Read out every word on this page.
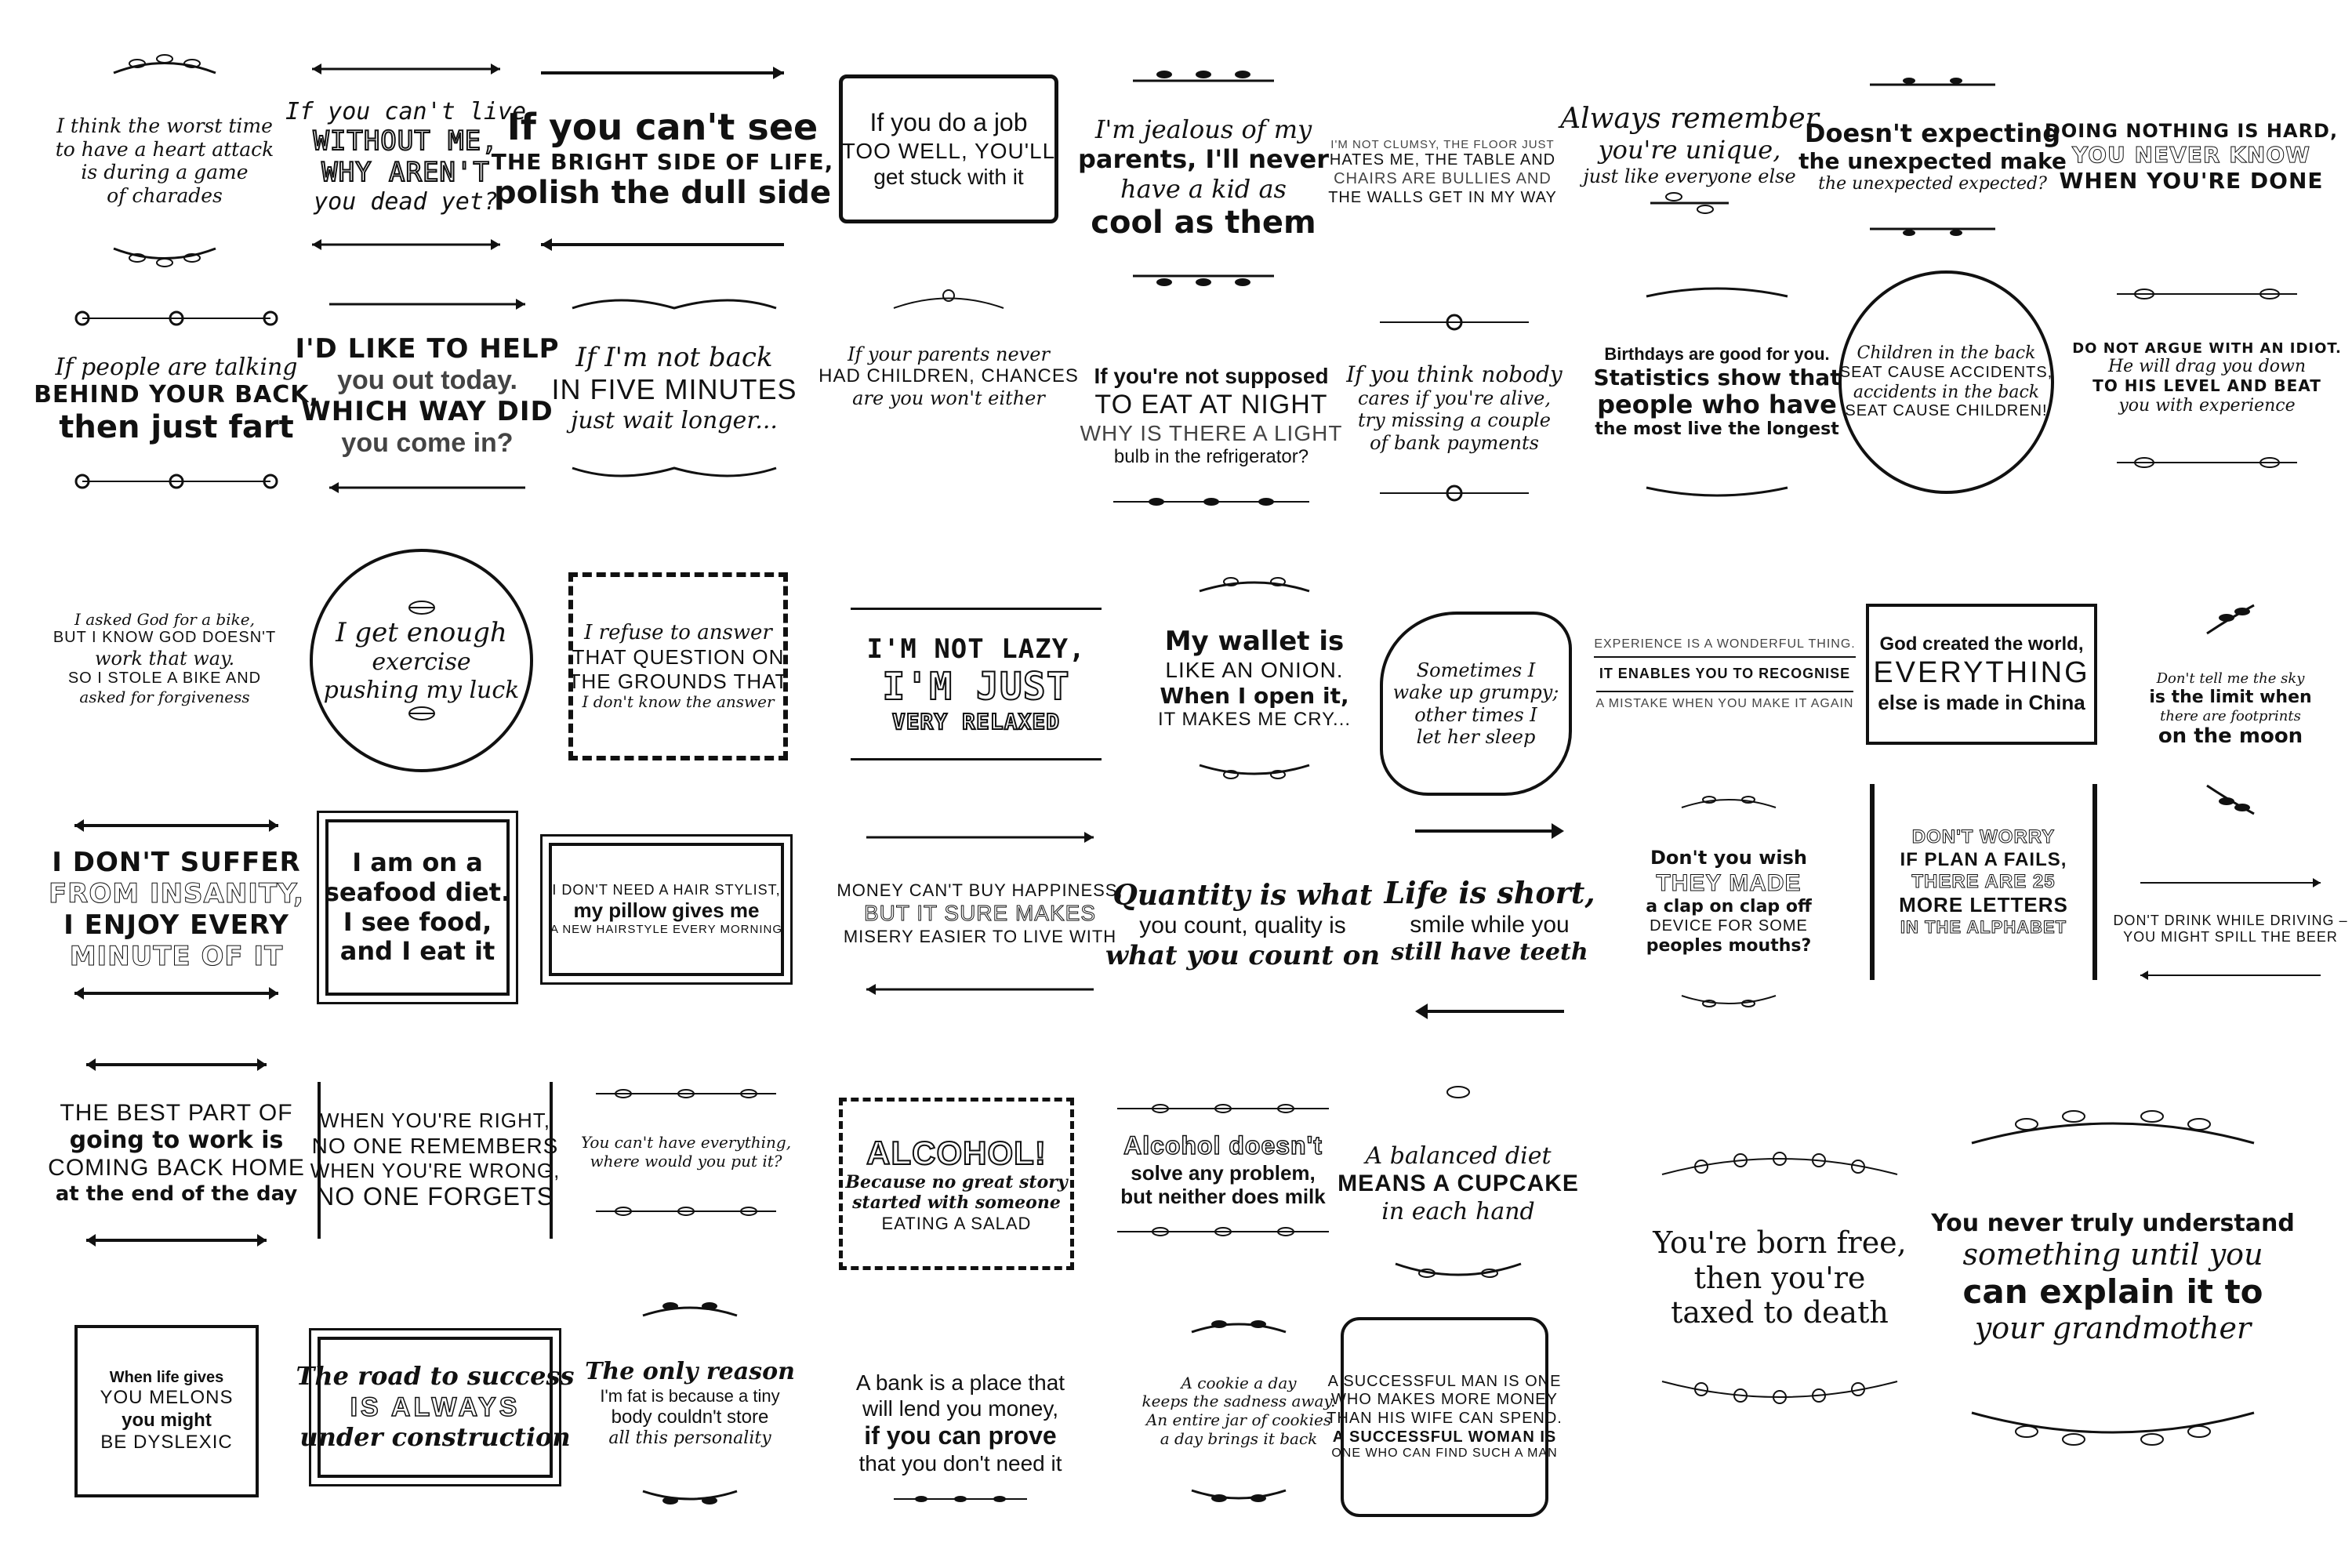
I think the worst time
to have a heart attack
is during a game
of charades
If you can't live
WITHOUT ME,
WHY AREN'T
you dead yet?
If you can't see
THE BRIGHT SIDE OF LIFE,
polish the dull side
If you do a job
TOO WELL, YOU'LL
get stuck with it
I'm jealous of my
parents, I'll never
have a kid as
cool as them
I'M NOT CLUMSY, THE FLOOR JUST
HATES ME, THE TABLE AND
CHAIRS ARE BULLIES AND
THE WALLS GET IN MY WAY
Always remember
you're unique,
just like everyone else
Doesn't expecting
the unexpected make
the unexpected expected?
DOING NOTHING IS HARD,
YOU NEVER KNOW
WHEN YOU'RE DONE
If people are talking
BEHIND YOUR BACK,
then just fart
I'D LIKE TO HELP
you out today.
WHICH WAY DID
you come in?
If I'm not back
IN FIVE MINUTES
just wait longer...
If your parents never
HAD CHILDREN, CHANCES
are you won't either
If you're not supposed
TO EAT AT NIGHT
WHY IS THERE A LIGHT
bulb in the refrigerator?
If you think nobody
cares if you're alive,
try missing a couple
of bank payments
Birthdays are good for you.
Statistics show that
people who have
the most live the longest
Children in the back
SEAT CAUSE ACCIDENTS,
accidents in the back
SEAT CAUSE CHILDREN!
DO NOT ARGUE WITH AN IDIOT.
He will drag you down
TO HIS LEVEL AND BEAT
you with experience
I asked God for a bike,
BUT I KNOW GOD DOESN'T
work that way.
SO I STOLE A BIKE AND
asked for forgiveness
I get enough
exercise
pushing my luck
I refuse to answer
THAT QUESTION ON
THE GROUNDS THAT
I don't know the answer
I'M NOT LAZY,
I'M JUST
VERY RELAXED
My wallet is
LIKE AN ONION.
When I open it,
IT MAKES ME CRY...
Sometimes I
wake up grumpy;
other times I
let her sleep
EXPERIENCE IS A WONDERFUL THING.
IT ENABLES YOU TO RECOGNISE
A MISTAKE WHEN YOU MAKE IT AGAIN
God created the world,
EVERYTHING
else is made in China
Don't tell me the sky
is the limit when
there are footprints
on the moon
I DON'T SUFFER
FROM INSANITY,
I ENJOY EVERY
MINUTE OF IT
I am on a
seafood diet.
I see food,
and I eat it
I DON'T NEED A HAIR STYLIST,
my pillow gives me
A NEW HAIRSTYLE EVERY MORNING
MONEY CAN'T BUY HAPPINESS,
BUT IT SURE MAKES
MISERY EASIER TO LIVE WITH
Quantity is what
you count, quality is
what you count on
Life is short,
smile while you
still have teeth
Don't you wish
THEY MADE
a clap on clap off
DEVICE FOR SOME
peoples mouths?
DON'T WORRY
IF PLAN A FAILS,
THERE ARE 25
MORE LETTERS
IN THE ALPHABET	DON'T DRINK WHILE DRIVING –
YOU MIGHT SPILL THE BEER
THE BEST PART OF
going to work is
COMING BACK HOME
at the end of the day
WHEN YOU'RE RIGHT,
NO ONE REMEMBERS
WHEN YOU'RE WRONG,
NO ONE FORGETS
You can't have everything,
where would you put it?	ALCOHOL!
Because no great story
started with someone
EATING A SALAD
Alcohol doesn't
solve any problem,
but neither does milk
A balanced diet
MEANS A CUPCAKE
in each hand
You're born free,
then you're
taxed to death
You never truly understand
something until you
can explain it to
your grandmother
When life gives
YOU MELONS
you might
BE DYSLEXIC
The road to success
IS ALWAYS
under construction
The only reason
I'm fat is because a tiny
body couldn't store
all this personality
A bank is a place that
will lend you money,
if you can prove
that you don't need it
A cookie a day
keeps the sadness away.
An entire jar of cookies
a day brings it back
A SUCCESSFUL MAN IS ONE
WHO MAKES MORE MONEY
THAN HIS WIFE CAN SPEND.
A SUCCESSFUL WOMAN IS
ONE WHO CAN FIND SUCH A MAN
